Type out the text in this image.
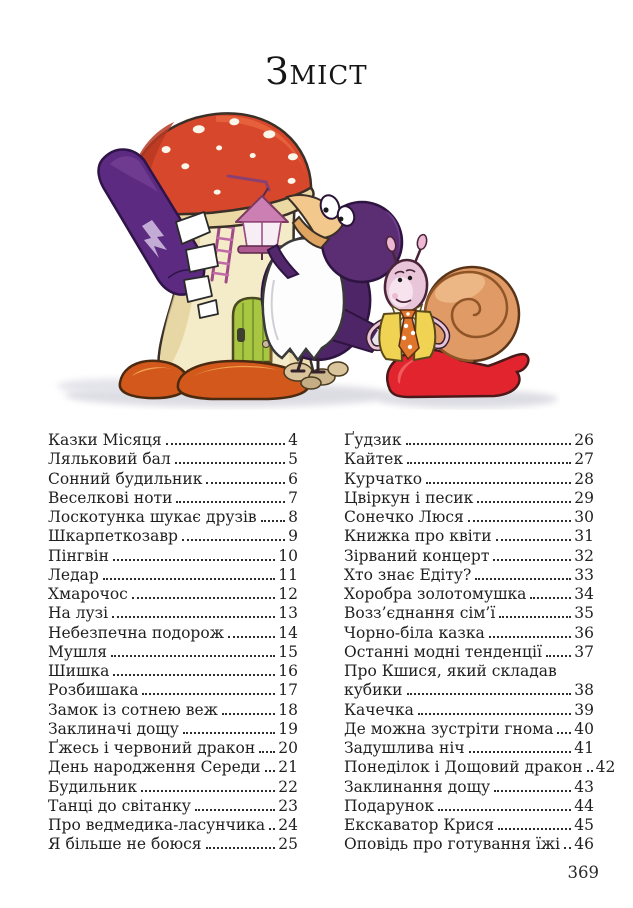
Зміст
Казки Місяця	4
Ляльковий бал	5
Сонний будильник	6
Веселкові ноти	7
Лоскотунка шукає друзів 8
Шкарпеткозавр	9
Пінгвін	10
Ледар	11
Хмарочос	12
На лузі	13
Небезпечна подорож	14
Мушля	15
Шишка	16
Розбишака	17
Замок із сотнею веж	18
Заклиначі дощу	19
Ґжесь і червоний дракон 20
День народження Середи 21
Будильник	22
Танці до світанку	23
Про ведмедика-ласунчика 24
Я більше не боюся	25
Ґудзик	26
Кайтек	27
Курчатко	28
Цвіркун і песик	29
Сонечко Люся	30
Книжка про квіти	31
Зірваний концерт	32
Хто знає Едіту?	33
Хоробра золотомушка	34
Возз’єднання сім’ї	35
Чорно-біла казка	36
Останні модні тенденції 37
Про Кшися, який складав
кубики	38
Качечка	39
Де можна зустріти гнома 40
Задушлива ніч	41
Понеділок і Дощовий дракон 42
Заклинання дощу	43
Подарунок	44
Екскаватор Крися	45
Оповідь про готування їжі 46
369
